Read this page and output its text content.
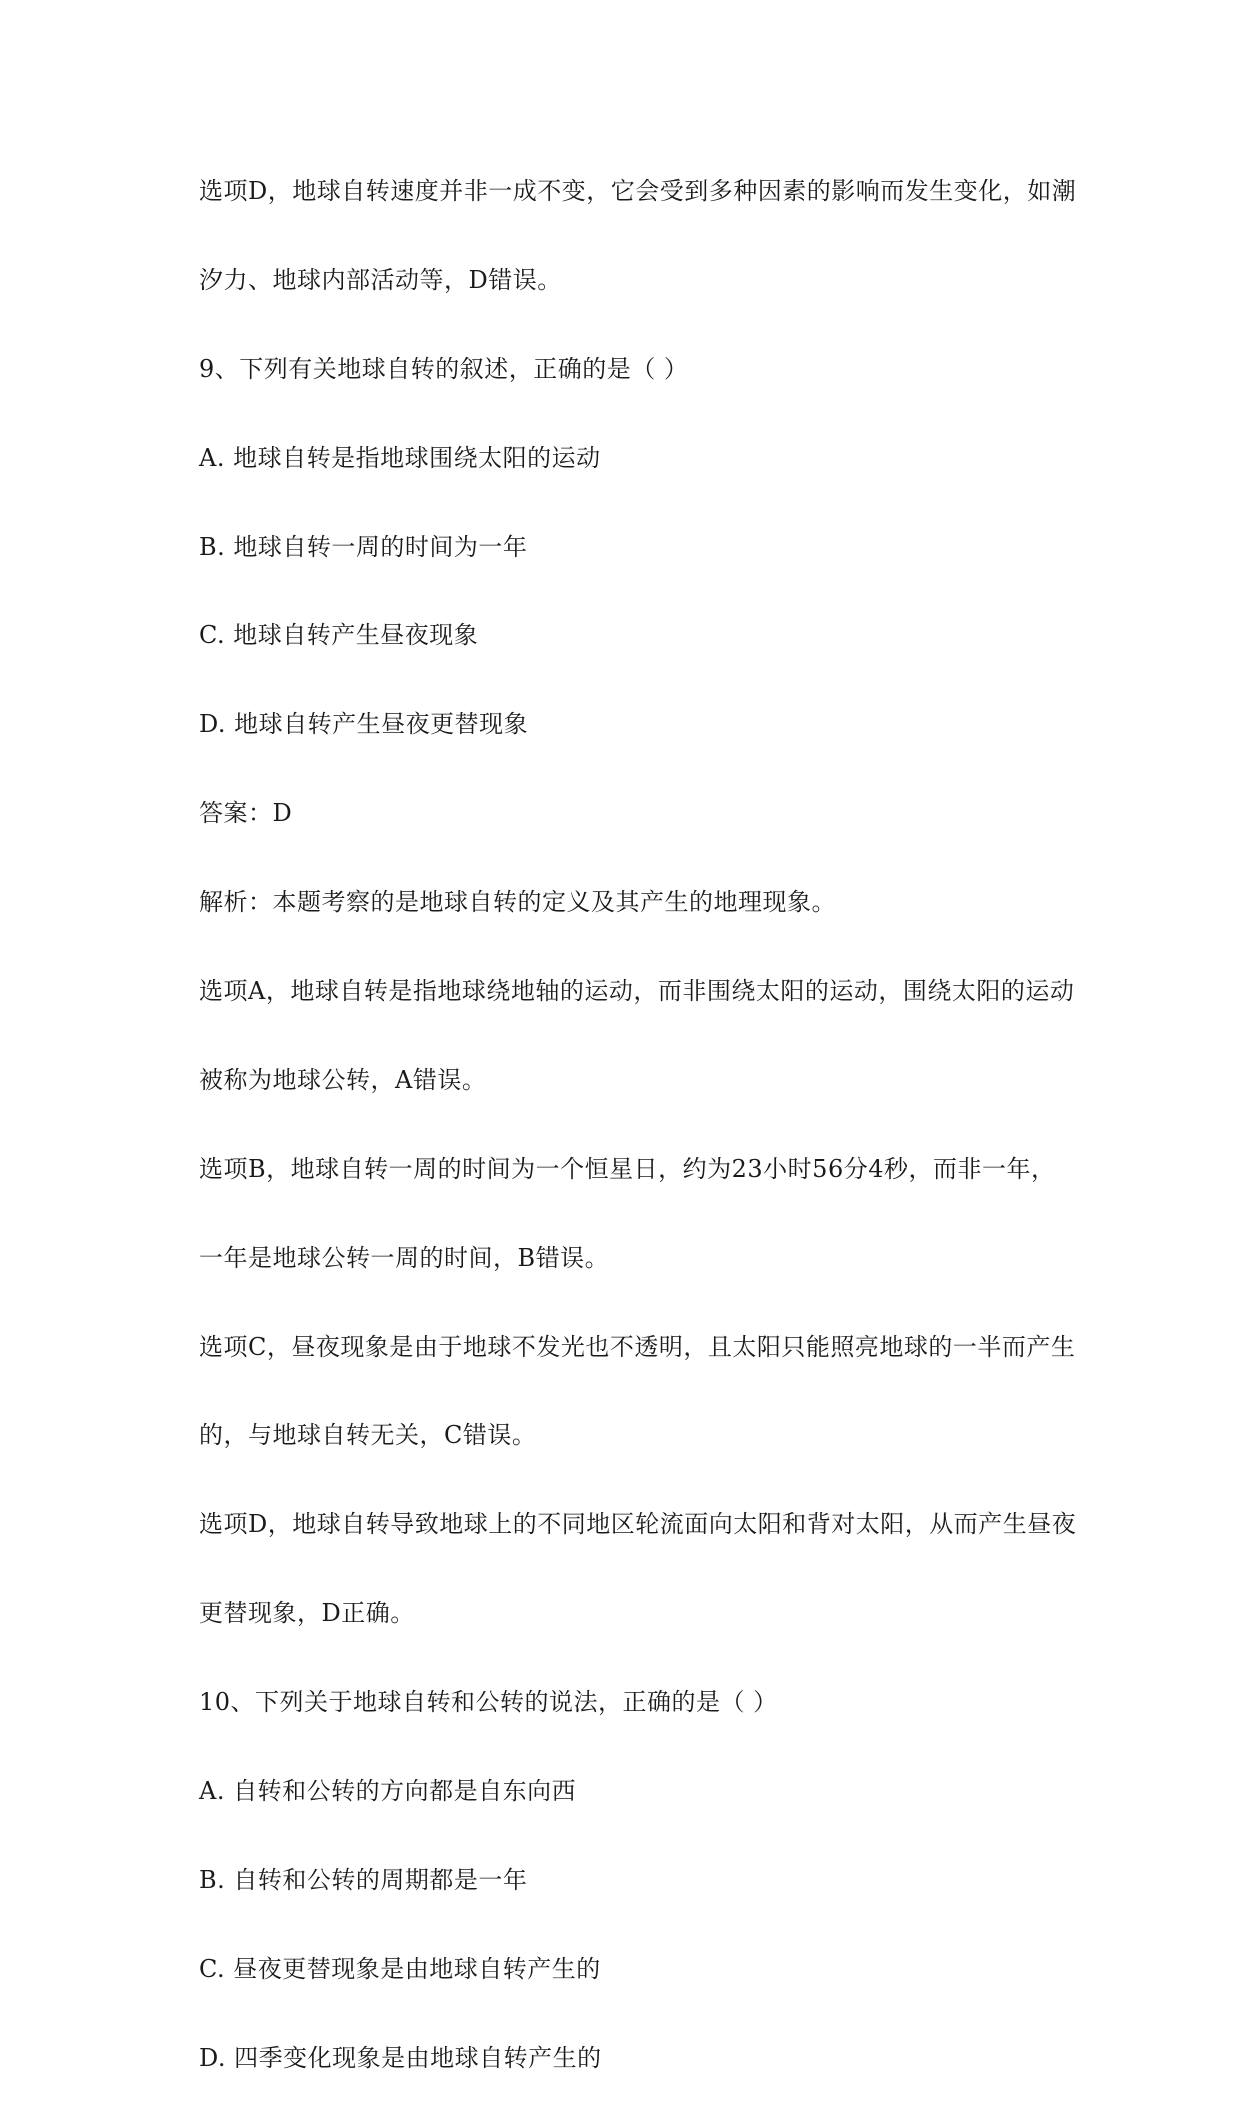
选项D，地球自转速度并非一成不变，它会受到多种因素的影响而发生变化，如潮

汐力、地球内部活动等，D错误。

9、下列有关地球自转的叙述，正确的是（ ）

A. 地球自转是指地球围绕太阳的运动

B. 地球自转一周的时间为一年

C. 地球自转产生昼夜现象

D. 地球自转产生昼夜更替现象

答案：D

解析：本题考察的是地球自转的定义及其产生的地理现象。

选项A，地球自转是指地球绕地轴的运动，而非围绕太阳的运动，围绕太阳的运动

被称为地球公转，A错误。

选项B，地球自转一周的时间为一个恒星日，约为23小时56分4秒，而非一年，

一年是地球公转一周的时间，B错误。

选项C，昼夜现象是由于地球不发光也不透明，且太阳只能照亮地球的一半而产生

的，与地球自转无关，C错误。

选项D，地球自转导致地球上的不同地区轮流面向太阳和背对太阳，从而产生昼夜

更替现象，D正确。

10、下列关于地球自转和公转的说法，正确的是（ ）

A. 自转和公转的方向都是自东向西

B. 自转和公转的周期都是一年

C. 昼夜更替现象是由地球自转产生的

D. 四季变化现象是由地球自转产生的
